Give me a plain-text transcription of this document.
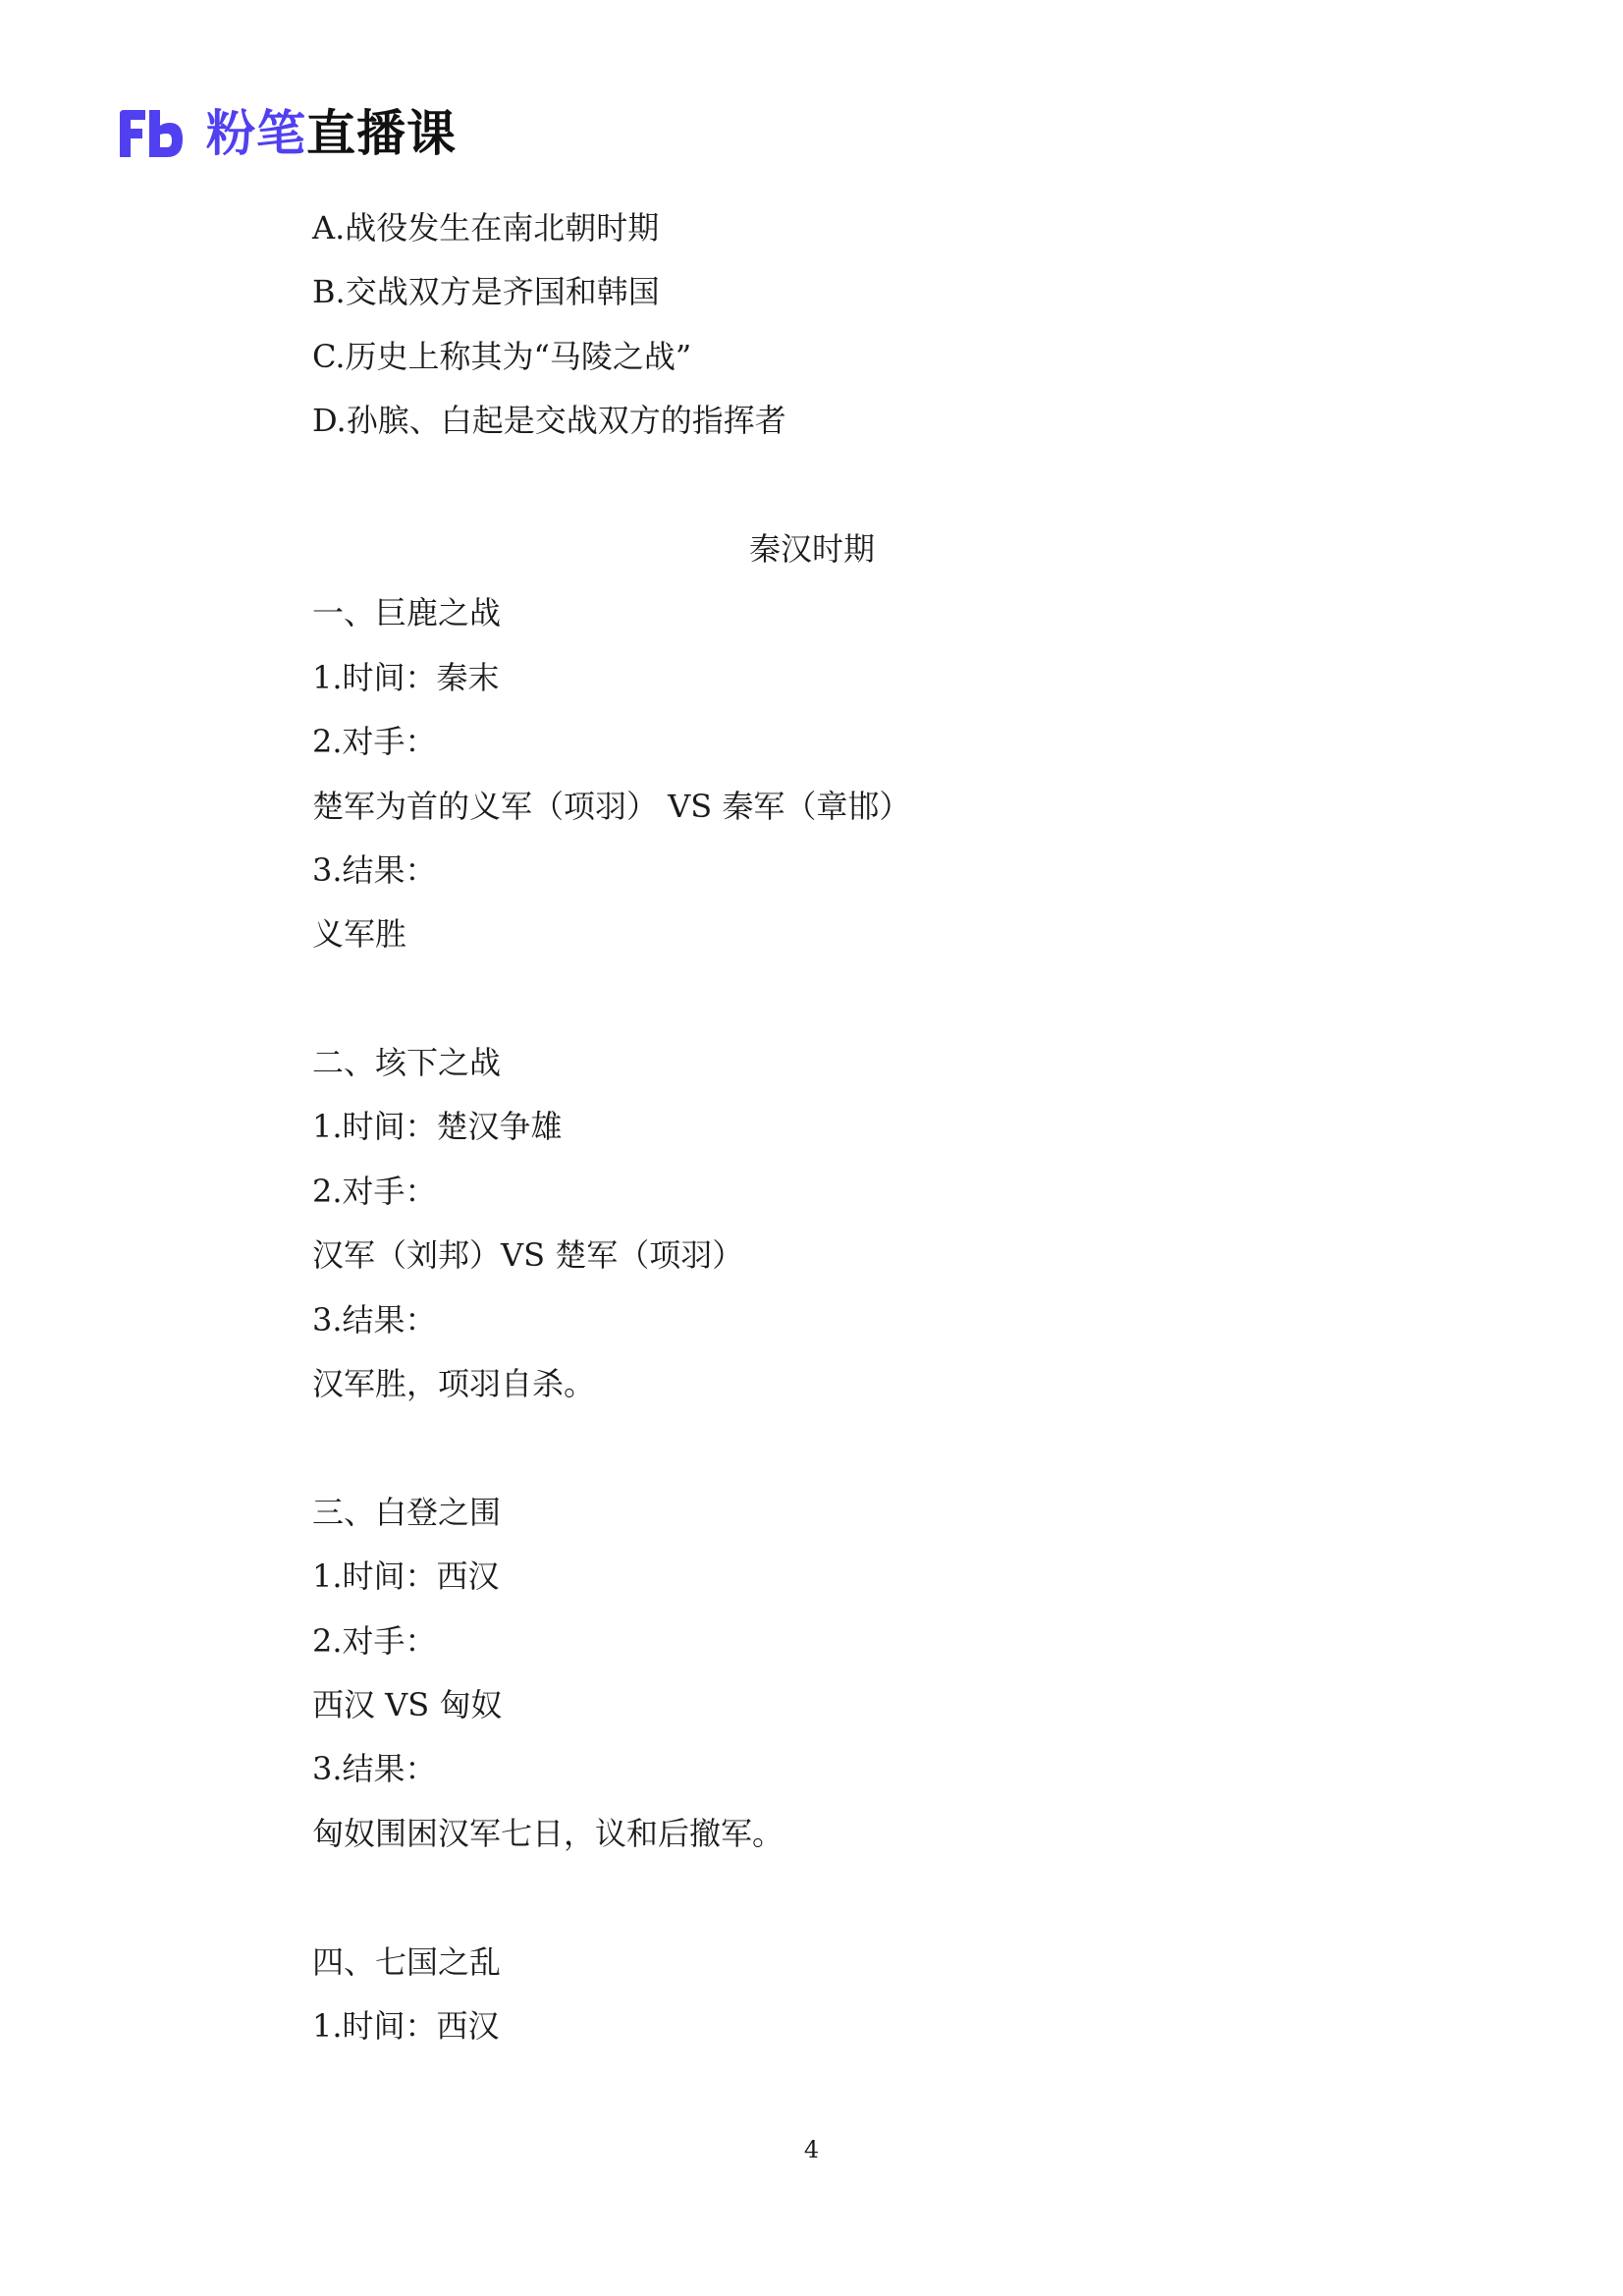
粉笔直播课
A.战役发生在南北朝时期
B.交战双方是齐国和韩国
C.历史上称其为“马陵之战”
D.孙膑、白起是交战双方的指挥者
秦汉时期
一、巨鹿之战
1.时间：秦末
2.对手：
楚军为首的义军（项羽） VS 秦军（章邯）
3.结果：
义军胜
二、垓下之战
1.时间：楚汉争雄
2.对手：
汉军（刘邦）VS 楚军（项羽）
3.结果：
汉军胜，项羽自杀。
三、白登之围
1.时间：西汉
2.对手：
西汉 VS 匈奴
3.结果：
匈奴围困汉军七日，议和后撤军。
四、七国之乱
1.时间：西汉
4
